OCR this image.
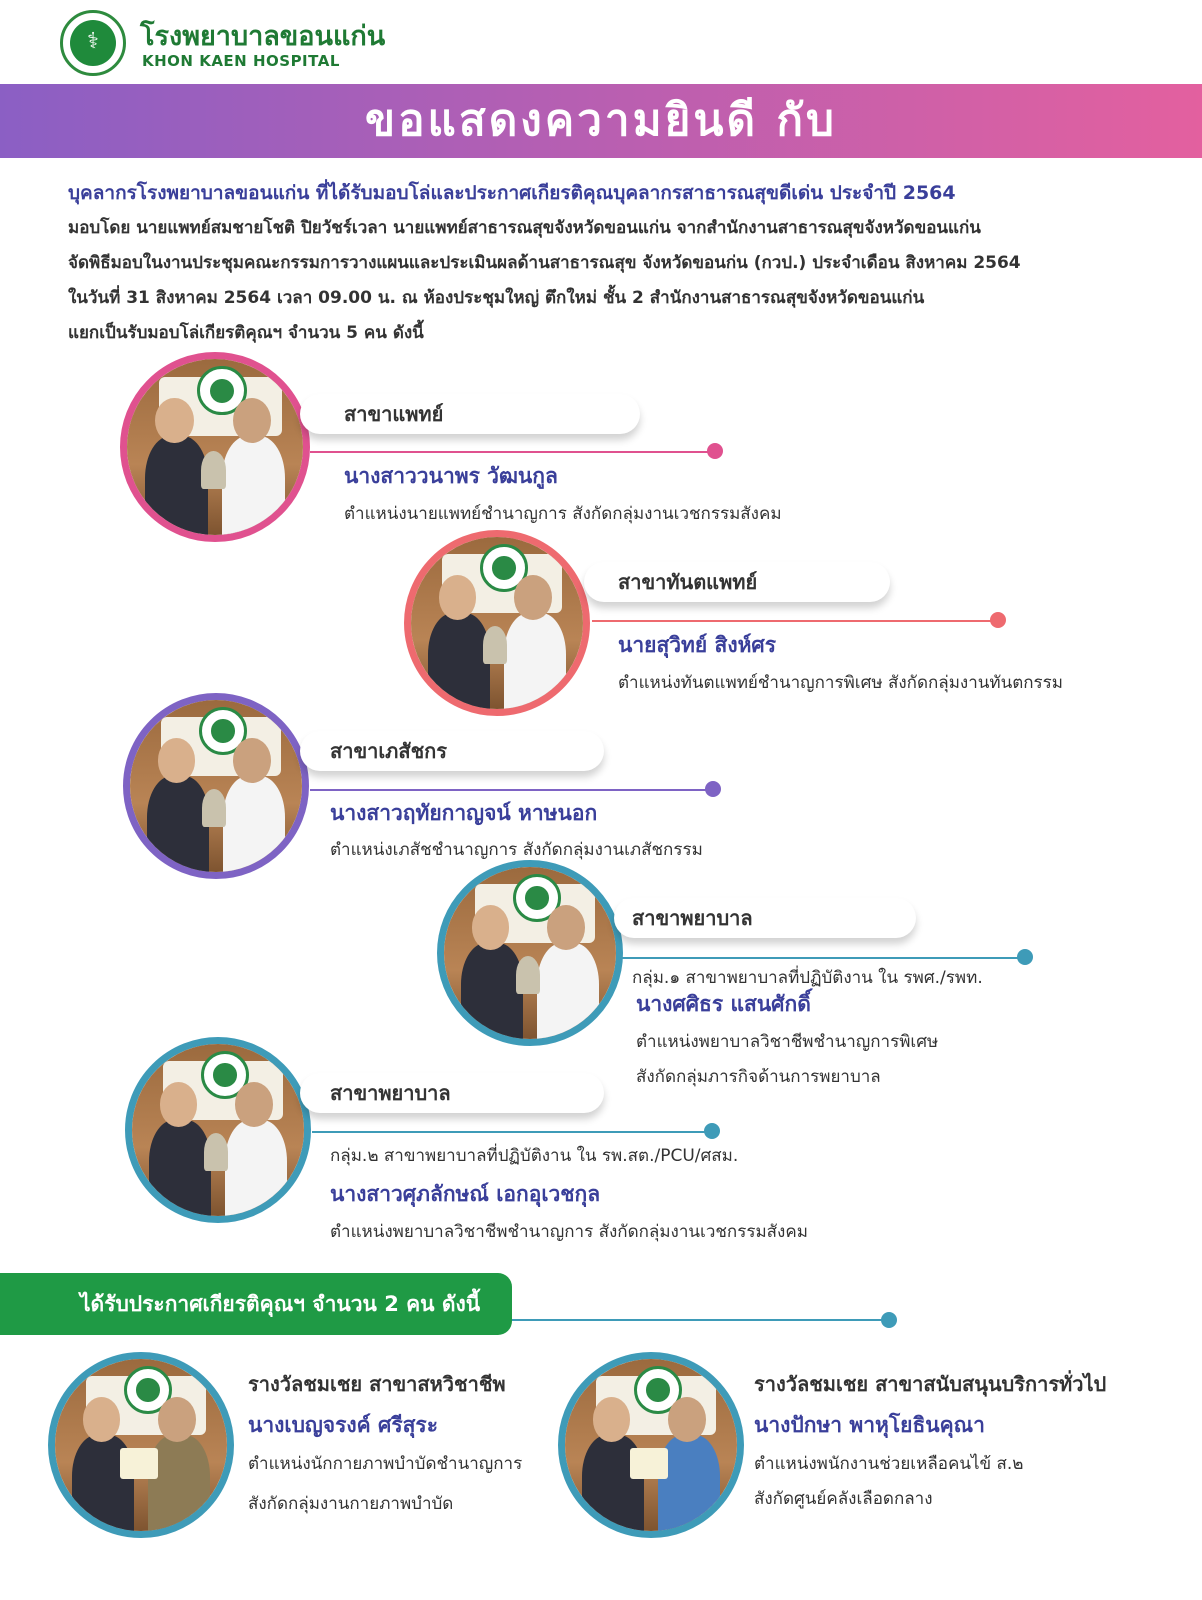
⚕	โรงพยาบาลขอนแก่น
KHON KAEN HOSPITAL
ขอแสดงความยินดี กับ
บุคลากรโรงพยาบาลขอนแก่น ที่ได้รับมอบโล่และประกาศเกียรติคุณบุคลากรสาธารณสุขดีเด่น ประจำปี 2564
มอบโดย นายแพทย์สมชายโชติ ปิยวัชร์เวลา นายแพทย์สาธารณสุขจังหวัดขอนแก่น จากสำนักงานสาธารณสุขจังหวัดขอนแก่น
จัดพิธีมอบในงานประชุมคณะกรรมการวางแผนและประเมินผลด้านสาธารณสุข จังหวัดขอนก่น (กวป.) ประจำเดือน สิงหาคม 2564
ในวันที่ 31 สิงหาคม 2564 เวลา 09.00 น. ณ ห้องประชุมใหญ่ ตึกใหม่ ชั้น 2 สำนักงานสาธารณสุขจังหวัดขอนแก่น
แยกเป็นรับมอบโล่เกียรติคุณฯ จำนวน 5 คน ดังนี้
สาขาแพทย์
นางสาววนาพร วัฒนกูล
ตำแหน่งนายแพทย์ชำนาญการ สังกัดกลุ่มงานเวชกรรมสังคม
สาขาทันตแพทย์
นายสุวิทย์ สิงห์ศร
ตำแหน่งทันตแพทย์ชำนาญการพิเศษ สังกัดกลุ่มงานทันตกรรม
สาขาเภสัชกร
นางสาวฤทัยกาญจน์ หาษนอก
ตำแหน่งเภสัชชำนาญการ สังกัดกลุ่มงานเภสัชกรรม
สาขาพยาบาล
กลุ่ม.๑ สาขาพยาบาลที่ปฏิบัติงาน ใน รพศ./รพท.
นางศศิธร แสนศักดิ์
ตำแหน่งพยาบาลวิชาชีพชำนาญการพิเศษ
สังกัดกลุ่มภารกิจด้านการพยาบาล
สาขาพยาบาล
กลุ่ม.๒ สาขาพยาบาลที่ปฏิบัติงาน ใน รพ.สต./PCU/ศสม.
นางสาวศุภลักษณ์ เอกอุเวชกุล
ตำแหน่งพยาบาลวิชาชีพชำนาญการ สังกัดกลุ่มงานเวชกรรมสังคม
ได้รับประกาศเกียรติคุณฯ จำนวน 2 คน ดังนี้
รางวัลชมเชย สาขาสหวิชาชีพ
นางเบญจรงค์ ศรีสุระ
ตำแหน่งนักกายภาพบำบัดชำนาญการ
สังกัดกลุ่มงานกายภาพบำบัด
รางวัลชมเชย สาขาสนับสนุนบริการทั่วไป
นางปักษา พาหุโยธินคุณา
ตำแหน่งพนักงานช่วยเหลือคนไข้ ส.๒
สังกัดศูนย์คลังเลือดกลาง
